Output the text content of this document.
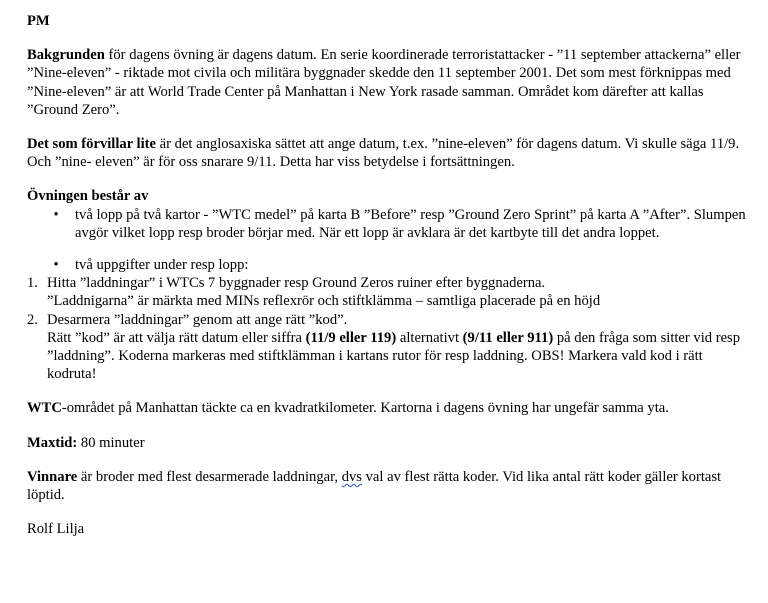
PM

Bakgrunden för dagens övning är dagens datum. En serie koordinerade terroristattacker - ”11 september attackerna” eller ”Nine-eleven” - riktade mot civila och militära byggnader skedde den 11 september 2001. Det som mest förknippas med ”Nine-eleven” är att World Trade Center på Manhattan i New York rasade samman. Området kom därefter att kallas ”Ground Zero”.

Det som förvillar lite är det anglosaxiska sättet att ange datum, t.ex. ”nine-eleven” för dagens datum. Vi skulle säga 11/9. Och ”nine- eleven” är för oss snarare 9/11. Detta har viss betydelse i fortsättningen.

Övningen består av

• två lopp på två kartor - ”WTC medel” på karta B ”Before” resp ”Ground Zero Sprint” på karta A ”After”. Slumpen avgör vilket lopp resp broder börjar med. När ett lopp är avklara är det kartbyte till det andra loppet.
• två uppgifter under resp lopp:
1. Hitta ”laddningar” i WTCs 7 byggnader resp Ground Zeros ruiner efter byggnaderna.
”Laddnigarna” är märkta med MINs reflexrör och stiftklämma – samtliga placerade på en höjd
2. Desarmera ”laddningar” genom att ange rätt ”kod”.
Rätt ”kod” är att välja rätt datum eller siffra (11/9 eller 119) alternativt (9/11 eller 911) på den fråga som sitter vid resp ”laddning”. Koderna markeras med stiftklämman i kartans rutor för resp laddning. OBS! Markera vald kod i rätt kodruta!

WTC-området på Manhattan täckte ca en kvadratkilometer. Kartorna i dagens övning har ungefär samma yta.

Maxtid: 80 minuter

Vinnare är broder med flest desarmerade laddningar, dvs val av flest rätta koder. Vid lika antal rätt koder gäller kortast löptid.

Rolf Lilja
